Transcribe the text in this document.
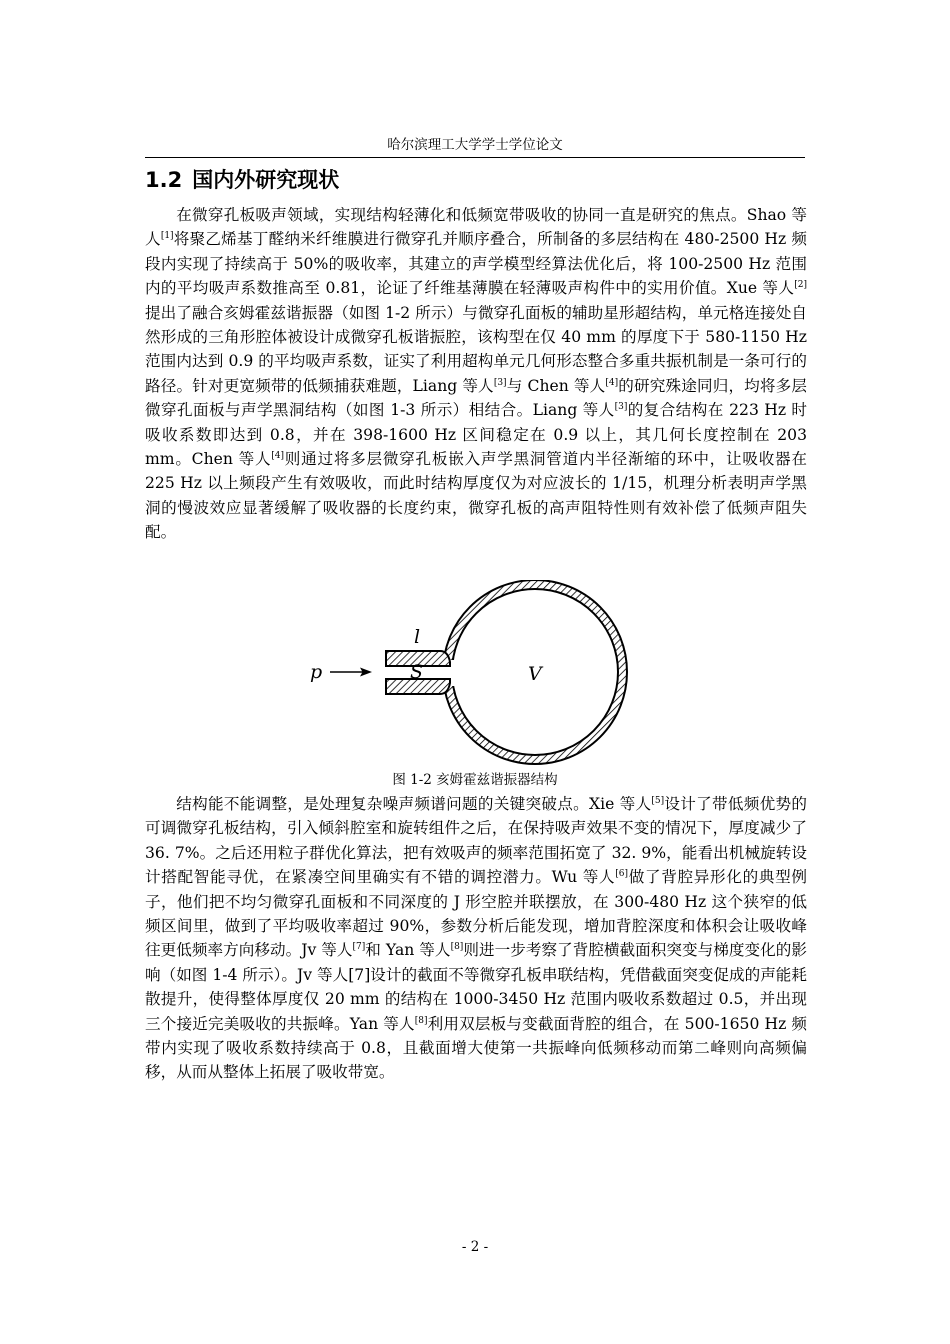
哈尔滨理工大学学士学位论文
1.2 国内外研究现状

在微穿孔板吸声领域，实现结构轻薄化和低频宽带吸收的协同一直是研究的焦点。Shao 等人[1]将聚乙烯基丁醛纳米纤维膜进行微穿孔并顺序叠合，所制备的多层结构在 480-2500 Hz 频段内实现了持续高于 50%的吸收率，其建立的声学模型经算法优化后，将 100-2500 Hz 范围内的平均吸声系数推高至 0.81，论证了纤维基薄膜在轻薄吸声构件中的实用价值。Xue 等人[2]提出了融合亥姆霍兹谐振器（如图 1-2 所示）与微穿孔面板的辅助星形超结构，单元格连接处自然形成的三角形腔体被设计成微穿孔板谐振腔，该构型在仅 40 mm 的厚度下于 580-1150 Hz 范围内达到 0.9 的平均吸声系数，证实了利用超构单元几何形态整合多重共振机制是一条可行的路径。针对更宽频带的低频捕获难题，Liang 等人[3]与 Chen 等人[4]的研究殊途同归，均将多层微穿孔面板与声学黑洞结构（如图 1-3 所示）相结合。Liang 等人[3]的复合结构在 223 Hz 时吸收系数即达到 0.8，并在 398-1600 Hz 区间稳定在 0.9 以上，其几何长度控制在 203 mm。Chen 等人[4]则通过将多层微穿孔板嵌入声学黑洞管道内半径渐缩的环中，让吸收器在 225 Hz 以上频段产生有效吸收，而此时结构厚度仅为对应波长的 1/15，机理分析表明声学黑洞的慢波效应显著缓解了吸收器的长度约束，微穿孔板的高声阻特性则有效补偿了低频声阻失配。

p
l
S	V
图 1-2 亥姆霍兹谐振器结构

结构能不能调整，是处理复杂噪声频谱问题的关键突破点。Xie 等人[5]设计了带低频优势的可调微穿孔板结构，引入倾斜腔室和旋转组件之后，在保持吸声效果不变的情况下，厚度减少了 36. 7%。之后还用粒子群优化算法，把有效吸声的频率范围拓宽了 32. 9%，能看出机械旋转设计搭配智能寻优，在紧凑空间里确实有不错的调控潜力。Wu 等人[6]做了背腔异形化的典型例子，他们把不均匀微穿孔面板和不同深度的 J 形空腔并联摆放，在 300-480 Hz 这个狭窄的低频区间里，做到了平均吸收率超过 90%，参数分析后能发现，增加背腔深度和体积会让吸收峰往更低频率方向移动。Jv 等人[7]和 Yan 等人[8]则进一步考察了背腔横截面积突变与梯度变化的影响（如图 1-4 所示）。Jv 等人[7]设计的截面不等微穿孔板串联结构，凭借截面突变促成的声能耗散提升，使得整体厚度仅 20 mm 的结构在 1000-3450 Hz 范围内吸收系数超过 0.5，并出现三个接近完美吸收的共振峰。Yan 等人[8]利用双层板与变截面背腔的组合，在 500-1650 Hz 频带内实现了吸收系数持续高于 0.8，且截面增大使第一共振峰向低频移动而第二峰则向高频偏移，从而从整体上拓展了吸收带宽。

- 2 -
